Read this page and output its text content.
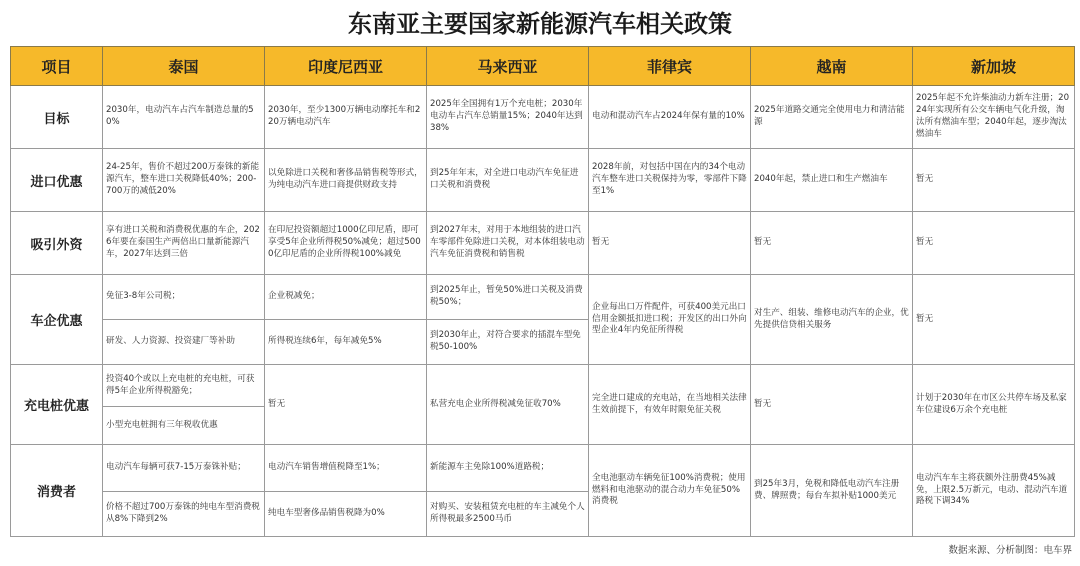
东南亚主要国家新能源汽车相关政策
项目	泰国	印度尼西亚	马来西亚	菲律宾	越南	新加坡
目标	2030年，电动汽车占汽车制造总量的50%	2030年，至少1300万辆电动摩托车和220万辆电动汽车	2025年全国拥有1万个充电桩；2030年电动车占汽车总销量15%；2040年达到38%	电动和混动汽车占2024年保有量的10%	2025年道路交通完全使用电力和清洁能源	2025年起不允许柴油动力新车注册；2024年实现所有公交车辆电气化升级，淘汰所有燃油车型；2040年起，逐步淘汰燃油车
进口优惠	24-25年，售价不超过200万泰铢的新能源汽车，整车进口关税降低40%；200-700万的减低20%	以免除进口关税和奢侈品销售税等形式，为纯电动汽车进口商提供财政支持	到25年年末，对全进口电动汽车免征进口关税和消费税	2028年前，对包括中国在内的34个电动汽车整车进口关税保持为零，零部件下降至1%	2040年起，禁止进口和生产燃油车	暂无
吸引外资	享有进口关税和消费税优惠的车企，2026年要在泰国生产两倍出口量新能源汽车，2027年达到三倍	在印尼投资额超过1000亿印尼盾，即可享受5年企业所得税50%减免；超过5000亿印尼盾的企业所得税100%减免	到2027年末，对用于本地组装的进口汽车零部件免除进口关税，对本体组装电动汽车免征消费税和销售税	暂无	暂无	暂无
车企优惠	免征3-8年公司税；	企业税减免；	到2025年止，暂免50%进口关税及消费税50%；	企业每出口万件配件，可获400美元出口信用金额抵扣进口税；开发区的出口外向型企业4年内免征所得税	对生产、组装、维修电动汽车的企业，优先提供信贷相关服务	暂无
	研发、人力资源、投资建厂等补助	所得税连续6年，每年减免5%	到2030年止，对符合要求的插混车型免税50-100%			
充电桩优惠	投资40个或以上充电桩的充电桩，可获得5年企业所得税豁免；	暂无	私营充电企业所得税减免征收70%	完全进口建成的充电站，在当地相关法律生效前提下，有效年时限免征关税	暂无	计划于2030年在市区公共停车场及私家车位建设6万余个充电桩
	小型充电桩拥有三年税收优惠					
消费者	电动汽车每辆可获7-15万泰铢补贴；	电动汽车销售增值税降至1%；	新能源车主免除100%道路税；	全电池驱动车辆免征100%消费税；使用燃料和电池驱动的混合动力车免征50%消费税	到25年3月，免税和降低电动汽车注册费、牌照费；每台车拟补贴1000美元	电动汽车车主将获额外注册费45%减免，上限2.5万新元，电动、混动汽车道路税下调34%
	价格不超过700万泰铢的纯电车型消费税从8%下降到2%	纯电车型奢侈品销售税降为0%	对购买、安装租赁充电桩的车主减免个人所得税最多2500马币			
数据来源、分析制图：电车界
